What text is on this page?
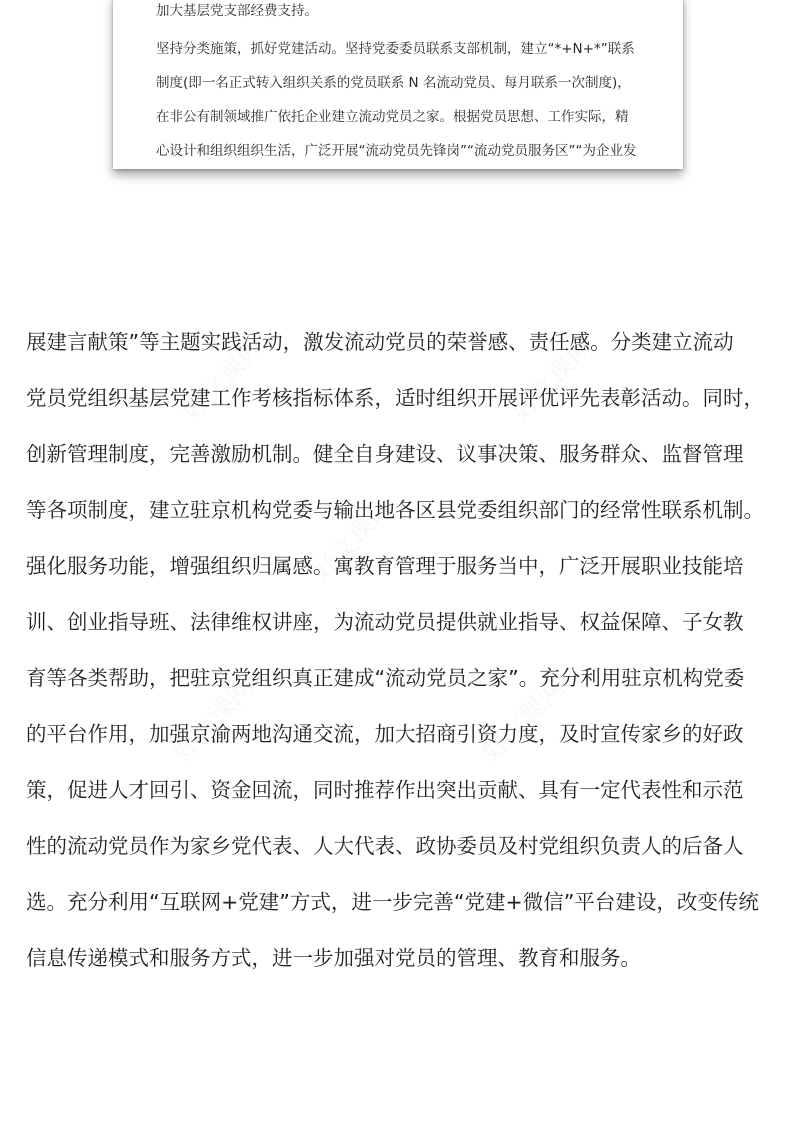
加大基层党支部经费支持。
坚持分类施策，抓好党建活动。坚持党委委员联系支部机制，建立“*+N+*”联系
制度(即一名正式转入组织关系的党员联系 N 名流动党员、每月联系一次制度)，
在非公有制领域推广依托企业建立流动党员之家。根据党员思想、工作实际，精
心设计和组织组织生活，广泛开展“流动党员先锋岗”“流动党员服务区”“为企业发
好文课网	好文课网
好文课网
好文课网
好文课网
展建言献策”等主题实践活动，激发流动党员的荣誉感、责任感。分类建立流动
党员党组织基层党建工作考核指标体系，适时组织开展评优评先表彰活动。同时，
创新管理制度，完善激励机制。健全自身建设、议事决策、服务群众、监督管理
等各项制度，建立驻京机构党委与输出地各区县党委组织部门的经常性联系机制。
强化服务功能，增强组织归属感。寓教育管理于服务当中，广泛开展职业技能培
训、创业指导班、法律维权讲座，为流动党员提供就业指导、权益保障、子女教
育等各类帮助，把驻京党组织真正建成“流动党员之家”。充分利用驻京机构党委
的平台作用，加强京渝两地沟通交流，加大招商引资力度，及时宣传家乡的好政
策，促进人才回引、资金回流，同时推荐作出突出贡献、具有一定代表性和示范
性的流动党员作为家乡党代表、人大代表、政协委员及村党组织负责人的后备人
选。充分利用“互联网+党建”方式，进一步完善“党建+微信”平台建设，改变传统
信息传递模式和服务方式，进一步加强对党员的管理、教育和服务。
